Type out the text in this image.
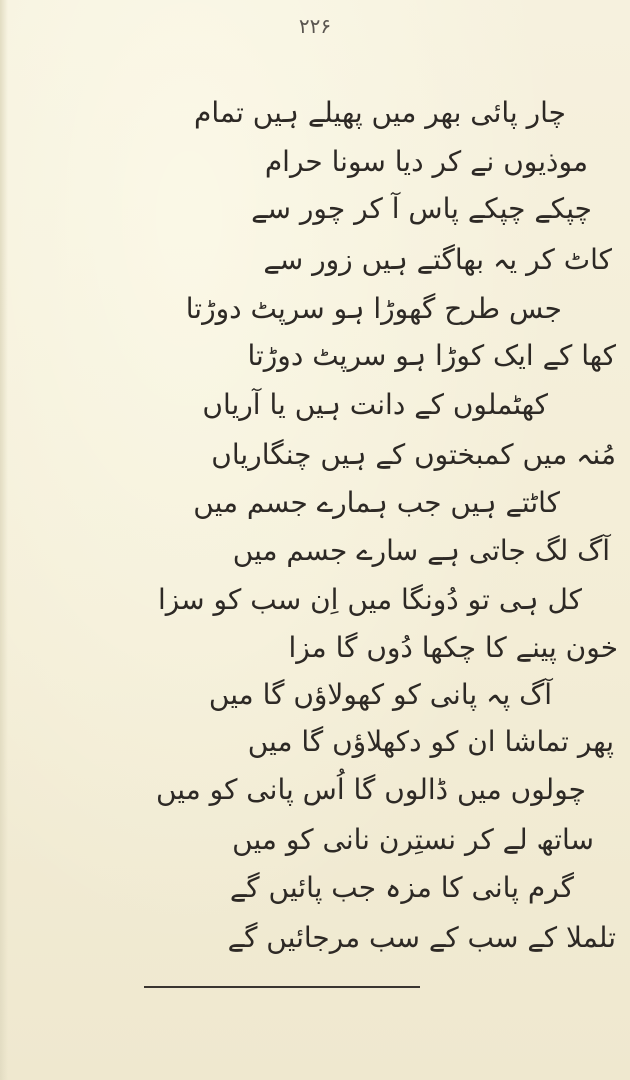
۲۲۶
چار پائی بھر میں پھیلے ہیں تمام
موذیوں نے کر دیا سونا حرام
چپکے چپکے پاس آ کر چور سے
کاٹ کر یہ بھاگتے ہیں زور سے
جس طرح گھوڑا ہو سرپٹ دوڑتا
کھا کے ایک کوڑا ہو سرپٹ دوڑتا
کھٹملوں کے دانت ہیں یا آریاں
مُنہ میں کمبختوں کے ہیں چنگاریاں
کاٹتے ہیں جب ہمارے جسم میں
آگ لگ جاتی ہے سارے جسم میں
کل ہی تو دُونگا میں اِن سب کو سزا
خون پینے کا چکھا دُوں گا مزا
آگ پہ پانی کو کھولاؤں گا میں
پھر تماشا ان کو دکھلاؤں گا میں
چولوں میں ڈالوں گا اُس پانی کو میں
ساتھ لے کر نستِرن نانی کو میں
گرم پانی کا مزہ جب پائیں گے
تلملا کے سب کے سب مرجائیں گے
